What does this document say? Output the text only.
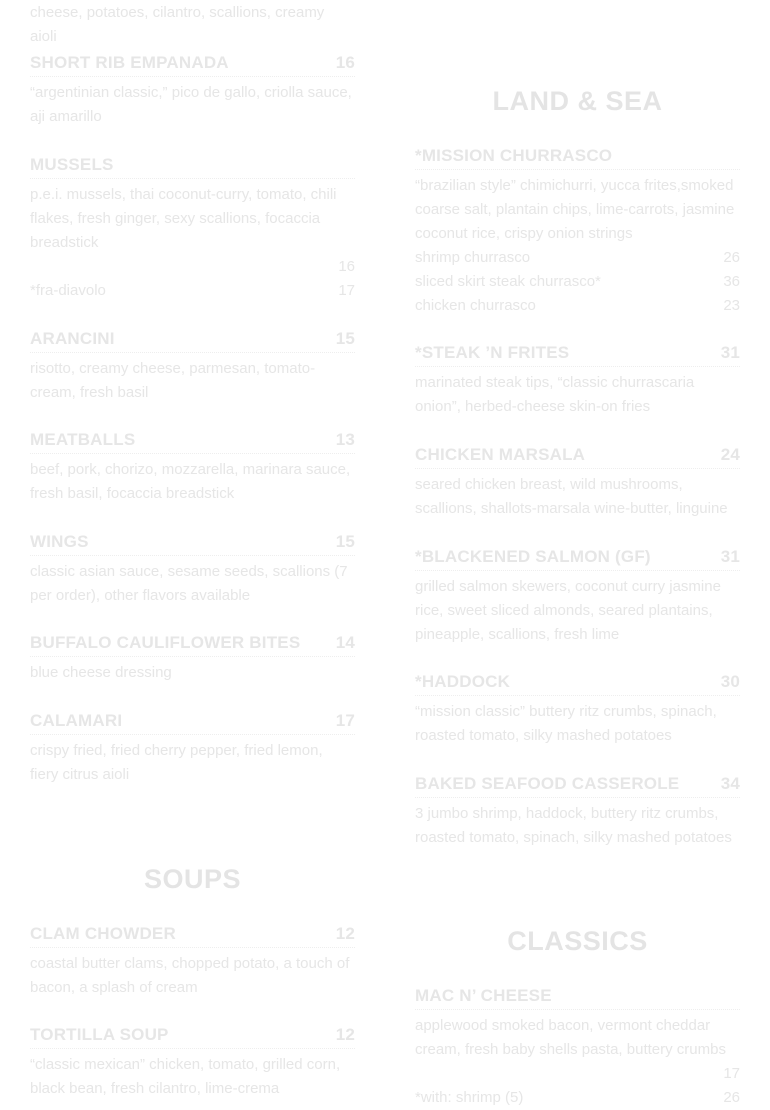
cheese, potatoes, cilantro, scallions, creamy aioli
SHORT RIB EMPANADA	16
“argentinian classic,” pico de gallo, criolla sauce, aji amarillo
MUSSELS
p.e.i. mussels, thai coconut-curry, tomato, chili flakes, fresh ginger, sexy scallions, focaccia breadstick
16
*fra-diavolo	17
ARANCINI	15
risotto, creamy cheese, parmesan, tomato-cream, fresh basil
MEATBALLS	13
beef, pork, chorizo, mozzarella, marinara sauce, fresh basil, focaccia breadstick
WINGS	15
classic asian sauce, sesame seeds, scallions (7 per order), other flavors available
BUFFALO CAULIFLOWER BITES 14
blue cheese dressing
CALAMARI	17
crispy fried, fried cherry pepper, fried lemon, fiery citrus aioli
SOUPS
CLAM CHOWDER	12
coastal butter clams, chopped potato, a touch of bacon, a splash of cream
TORTILLA SOUP	12
“classic mexican” chicken, tomato, grilled corn, black bean, fresh cilantro, lime-crema
LAND & SEA
*MISSION CHURRASCO
“brazilian style” chimichurri, yucca frites,smoked coarse salt, plantain chips, lime-carrots, jasmine coconut rice, crispy onion strings
shrimp churrasco	26
sliced skirt steak churrasco*	36
chicken churrasco	23
*STEAK ’N FRITES	31
marinated steak tips, “classic churrascaria onion”, herbed-cheese skin-on fries
CHICKEN MARSALA	24
seared chicken breast, wild mushrooms, scallions, shallots-marsala wine-butter, linguine
*BLACKENED SALMON (GF)	31
grilled salmon skewers, coconut curry jasmine rice, sweet sliced almonds, seared plantains, pineapple, scallions, fresh lime
*HADDOCK	30
“mission classic” buttery ritz crumbs, spinach, roasted tomato, silky mashed potatoes
BAKED SEAFOOD CASSEROLE 34
3 jumbo shrimp, haddock, buttery ritz crumbs, roasted tomato, spinach, silky mashed potatoes
CLASSICS
MAC N’ CHEESE
applewood smoked bacon, vermont cheddar cream, fresh baby shells pasta, buttery crumbs
17
*with: shrimp (5)	26
